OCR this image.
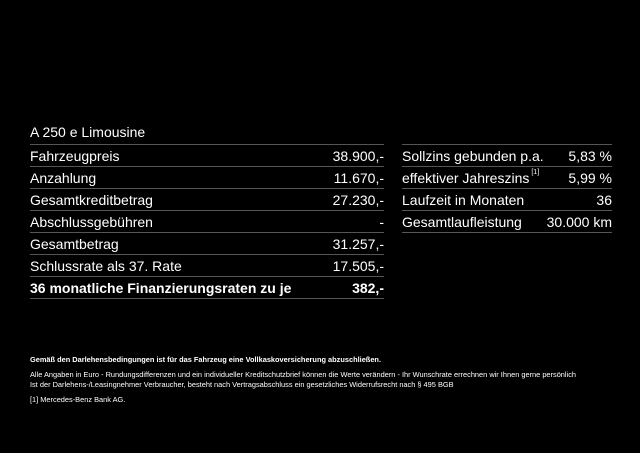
A 250 e Limousine
Fahrzeugpreis	38.900,-
Anzahlung	11.670,-
Gesamtkreditbetrag	27.230,-
Abschlussgebühren	-
Gesamtbetrag	31.257,-
Schlussrate als 37. Rate	17.505,-
36 monatliche Finanzierungsraten zu je	382,-
Sollzins gebunden p.a. 5,83 %
effektiver Jahreszins [1] 5,99 %
Laufzeit in Monaten	36
Gesamtlaufleistung 30.000 km
Gemäß den Darlehensbedingungen ist für das Fahrzeug eine Vollkaskoversicherung abzuschließen.
Alle Angaben in Euro - Rundungsdifferenzen und ein individueller Kreditschutzbrief können die Werte verändern - Ihr Wunschrate errechnen wir Ihnen gerne persönlich
Ist der Darlehens-/Leasingnehmer Verbraucher, besteht nach Vertragsabschluss ein gesetzliches Widerrufsrecht nach § 495 BGB
[1] Mercedes-Benz Bank AG.
